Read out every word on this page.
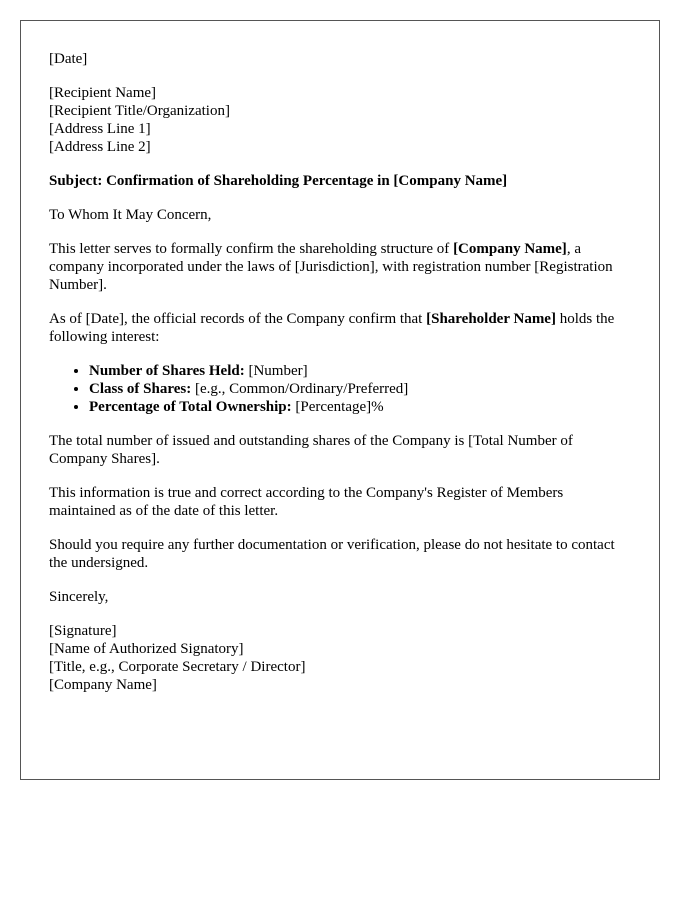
[Date]

[Recipient Name]
[Recipient Title/Organization]
[Address Line 1]
[Address Line 2]

Subject: Confirmation of Shareholding Percentage in [Company Name]

To Whom It May Concern,

This letter serves to formally confirm the shareholding structure of [Company Name], a company incorporated under the laws of [Jurisdiction], with registration number [Registration Number].

As of [Date], the official records of the Company confirm that [Shareholder Name] holds the following interest:

• Number of Shares Held: [Number]
• Class of Shares: [e.g., Common/Ordinary/Preferred]
• Percentage of Total Ownership: [Percentage]%

The total number of issued and outstanding shares of the Company is [Total Number of Company Shares].

This information is true and correct according to the Company's Register of Members maintained as of the date of this letter.

Should you require any further documentation or verification, please do not hesitate to contact the undersigned.

Sincerely,

[Signature]
[Name of Authorized Signatory]
[Title, e.g., Corporate Secretary / Director]
[Company Name]
